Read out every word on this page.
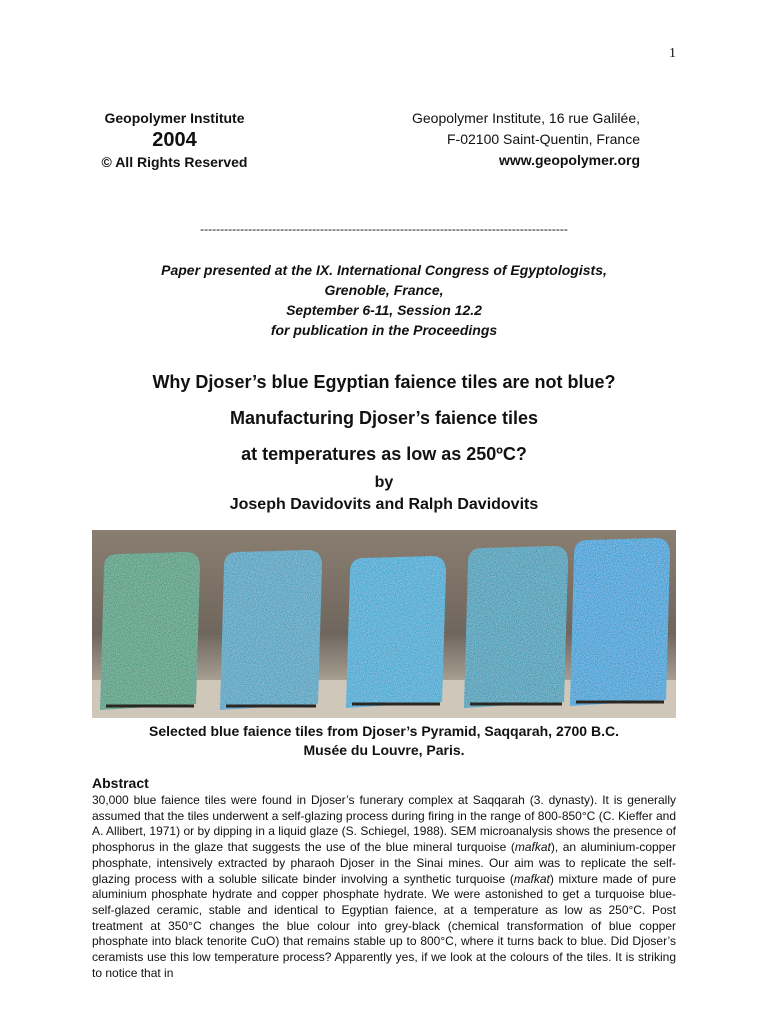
1
Geopolymer Institute
2004
© All Rights Reserved
Geopolymer Institute, 16 rue Galilée,
F-02100 Saint-Quentin, France
www.geopolymer.org
--------------------------------------------------------------------------------------------
Paper presented at the IX. International Congress of Egyptologists,
Grenoble, France,
September 6-11, Session 12.2
for publication in the Proceedings
Why Djoser’s blue Egyptian faience tiles are not blue?
Manufacturing Djoser’s faience tiles
at temperatures as low as 250ºC?
by
Joseph Davidovits and Ralph Davidovits
Selected blue faience tiles from Djoser’s Pyramid, Saqqarah, 2700 B.C.
Musée du Louvre, Paris.
Abstract
30,000 blue faience tiles were found in Djoser’s funerary complex at Saqqarah (3. dynasty). It is generally assumed that the tiles underwent a self-glazing process during firing in the range of 800-850°C (C. Kieffer and A. Allibert, 1971) or by dipping in a liquid glaze (S. Schiegel, 1988). SEM microanalysis shows the presence of phosphorus in the glaze that suggests the use of the blue mineral turquoise (mafkat), an aluminium-copper phosphate, intensively extracted by pharaoh Djoser in the Sinai mines. Our aim was to replicate the self-glazing process with a soluble silicate binder involving a synthetic turquoise (mafkat) mixture made of pure aluminium phosphate hydrate and copper phosphate hydrate. We were astonished to get a turquoise blue-self-glazed ceramic, stable and identical to Egyptian faience, at a temperature as low as 250°C. Post treatment at 350°C changes the blue colour into grey-black (chemical transformation of blue copper phosphate into black tenorite CuO) that remains stable up to 800°C, where it turns back to blue. Did Djoser’s ceramists use this low temperature process? Apparently yes, if we look at the colours of the tiles. It is striking to notice that in
